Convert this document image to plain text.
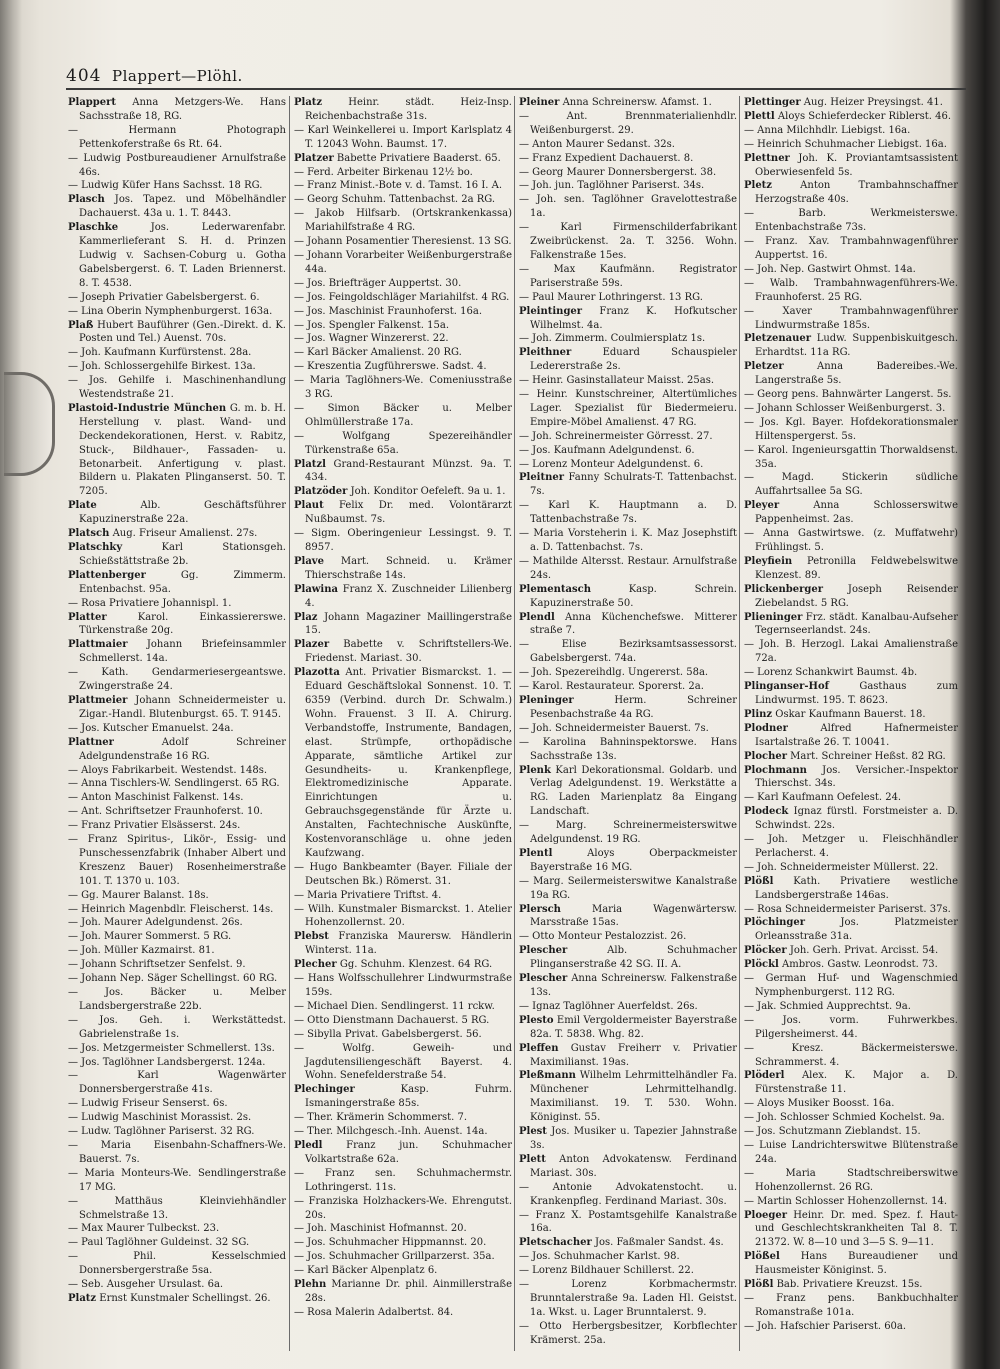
404 Plappert—Plöhl.

Plappert Anna Metzgers-We. Hans Sachsstraße 18, RG.

— Hermann Photograph Pettenkoferstraße 6s Rt. 64.

— Ludwig Postbureaudiener Arnulfstraße 46s.

— Ludwig Küfer Hans Sachsst. 18 RG.

Plasch Jos. Tapez. und Möbelhändler Dachauerst. 43a u. 1. T. 8443.

Plaschke Jos. Lederwarenfabr. Kammerlieferant S. H. d. Prinzen Ludwig v. Sachsen-Coburg u. Gotha Gabelsbergerst. 6. T. Laden Briennerst. 8. T. 4538.

— Joseph Privatier Gabelsbergerst. 6.

— Lina Oberin Nymphenburgerst. 163a.

Plaß Hubert Bauführer (Gen.-Direkt. d. K. Posten und Tel.) Auenst. 70s.

— Joh. Kaufmann Kurfürstenst. 28a.

— Joh. Schlossergehilfe Birkest. 13a.

— Jos. Gehilfe i. Maschinenhandlung Westendstraße 21.

Plastoid-Industrie München G. m. b. H. Herstellung v. plast. Wand- und Deckendekorationen, Herst. v. Rabitz, Stuck-, Bildhauer-, Fassaden- u. Betonarbeit. Anfertigung v. plast. Bildern u. Plakaten Plinganserst. 50. T. 7205.

Plate Alb. Geschäftsführer Kapuzinerstraße 22a.

Platsch Aug. Friseur Amalienst. 27s.

Platschky Karl Stationsgeh. Schießstättstraße 2b.

Plattenberger Gg. Zimmerm. Entenbachst. 95a.

— Rosa Privatiere Johannispl. 1.

Platter Karol. Einkassiererswe. Türkenstraße 20g.

Plattmaier Johann Briefeinsammler Schmellerst. 14a.

— Kath. Gendarmeriesergeantswe. Zwingerstraße 24.

Plattmeier Johann Schneidermeister u. Zigar.-Handl. Blutenburgst. 65. T. 9145.

— Jos. Kutscher Emanuelst. 24a.

Plattner Adolf Schreiner Adelgundenstraße 16 RG.

— Aloys Fabrikarbeit. Westendst. 148s.

— Anna Tischlers-W. Sendlingerst. 65 RG.

— Anton Maschinist Falkenst. 14s.

— Ant. Schriftsetzer Fraunhoferst. 10.

— Franz Privatier Elsässerst. 24s.

— Franz Spiritus-, Likör-, Essig- und Punschessenzfabrik (Inhaber Albert und Kreszenz Bauer) Rosenheimerstraße 101. T. 1370 u. 103.

— Gg. Maurer Balanst. 18s.

— Heinrich Magenbdlr. Fleischerst. 14s.

— Joh. Maurer Adelgundenst. 26s.

— Joh. Maurer Sommerst. 5 RG.

— Joh. Müller Kazmairst. 81.

— Johann Schriftsetzer Senfelst. 9.

— Johann Nep. Säger Schellingst. 60 RG.

— Jos. Bäcker u. Melber Landsbergerstraße 22b.

— Jos. Geh. i. Werkstättedst. Gabrielenstraße 1s.

— Jos. Metzgermeister Schmellerst. 13s.

— Jos. Taglöhner Landsbergerst. 124a.

— Karl Wagenwärter Donnersbergerstraße 41s.

— Ludwig Friseur Senserst. 6s.

— Ludwig Maschinist Morassist. 2s.

— Ludw. Taglöhner Pariserst. 32 RG.

— Maria Eisenbahn-Schaffners-We. Bauerst. 7s.

— Maria Monteurs-We. Sendlingerstraße 17 MG.

— Matthäus Kleinviehhändler Schmelstraße 13.

— Max Maurer Tulbeckst. 23.

— Paul Taglöhner Guldeinst. 32 SG.

— Phil. Kesselschmied Donnersbergerstraße 5sa.

— Seb. Ausgeher Ursulast. 6a.

Platz Ernst Kunstmaler Schellingst. 26.

Platz Heinr. städt. Heiz-Insp. Reichenbachstraße 31s.

— Karl Weinkellerei u. Import Karlsplatz 4 T. 12043 Wohn. Baumst. 17.

Platzer Babette Privatiere Baaderst. 65.

— Ferd. Arbeiter Birkenau 12½ bo.

— Franz Minist.-Bote v. d. Tamst. 16 I. A.

— Georg Schuhm. Tattenbachst. 2a RG.

— Jakob Hilfsarb. (Ortskrankenkassa) Mariahilfstraße 4 RG.

— Johann Posamentier Theresienst. 13 SG.

— Johann Vorarbeiter Weißenburgerstraße 44a.

— Jos. Briefträger Auppertst. 30.

— Jos. Feingoldschläger Mariahilfst. 4 RG.

— Jos. Maschinist Fraunhoferst. 16a.

— Jos. Spengler Falkenst. 15a.

— Jos. Wagner Winzererst. 22.

— Karl Bäcker Amalienst. 20 RG.

— Kreszentia Zugführerswe. Sadst. 4.

— Maria Taglöhners-We. Comeniusstraße 3 RG.

— Simon Bäcker u. Melber Ohlmüllerstraße 17a.

— Wolfgang Spezereihändler Türkenstraße 65a.

Platzl Grand-Restaurant Münzst. 9a. T. 434.

Platzöder Joh. Konditor Oefeleft. 9a u. 1.

Plaut Felix Dr. med. Volontärarzt Nußbaumst. 7s.

— Sigm. Oberingenieur Lessingst. 9. T. 8957.

Plave Mart. Schneid. u. Krämer Thierschstraße 14s.

Plawina Franz X. Zuschneider Lilienberg 4.

Plaz Johann Magaziner Maillingerstraße 15.

Plazer Babette v. Schriftstellers-We. Friedenst. Mariast. 30.

Plazotta Ant. Privatier Bismarckst. 1. — Eduard Geschäftslokal Sonnenst. 10. T. 6359 (Verbind. durch Dr. Schwalm.) Wohn. Frauenst. 3 II. A. Chirurg. Verbandstoffe, Instrumente, Bandagen, elast. Strümpfe, orthopädische Apparate, sämtliche Artikel zur Gesundheits- u. Krankenpflege, Elektromedizinische Apparate. Einrichtungen u. Gebrauchsgegenstände für Ärzte u. Anstalten, Fachtechnische Auskünfte, Kostenvoranschläge u. ohne jeden Kaufzwang.

— Hugo Bankbeamter (Bayer. Filiale der Deutschen Bk.) Römerst. 31.

— Maria Privatiere Triftst. 4.

— Wilh. Kunstmaler Bismarckst. 1. Atelier Hohenzollernst. 20.

Plebst Franziska Maurersw. Händlerin Winterst. 11a.

Plecher Gg. Schuhm. Klenzest. 64 RG.

— Hans Wolfsschullehrer Lindwurmstraße 159s.

— Michael Dien. Sendlingerst. 11 rckw.

— Otto Dienstmann Dachauerst. 5 RG.

— Sibylla Privat. Gabelsbergerst. 56.

— Wolfg. Geweih- und Jagdutensiliengeschäft Bayerst. 4. Wohn. Senefelderstraße 54.

Plechinger Kasp. Fuhrm. Ismaningerstraße 85s.

— Ther. Krämerin Schommerst. 7.

— Ther. Milchgesch.-Inh. Auenst. 14a.

Pledl Franz jun. Schuhmacher Volkartstraße 62a.

— Franz sen. Schuhmachermstr. Lothringerst. 11s.

— Franziska Holzhackers-We. Ehrengutst. 20s.

— Joh. Maschinist Hofmannst. 20.

— Jos. Schuhmacher Hippmannst. 20.

— Jos. Schuhmacher Grillparzerst. 35a.

— Karl Bäcker Alpenplatz 6.

Plehn Marianne Dr. phil. Ainmillerstraße 28s.

— Rosa Malerin Adalbertst. 84.

Pleiner Anna Schreinersw. Afamst. 1.

— Ant. Brennmaterialienhdlr. Weißenburgerst. 29.

— Anton Maurer Sedanst. 32s.

— Franz Expedient Dachauerst. 8.

— Georg Maurer Donnersbergerst. 38.

— Joh. jun. Taglöhner Pariserst. 34s.

— Joh. sen. Taglöhner Gravelottestraße 1a.

— Karl Firmenschilderfabrikant Zweibrückenst. 2a. T. 3256. Wohn. Falkenstraße 15es.

— Max Kaufmänn. Registrator Pariserstraße 59s.

— Paul Maurer Lothringerst. 13 RG.

Pleintinger Franz K. Hofkutscher Wilhelmst. 4a.

— Joh. Zimmerm. Coulmiersplatz 1s.

Pleithner Eduard Schauspieler Ledererstraße 2s.

— Heinr. Gasinstallateur Maisst. 25as.

— Heinr. Kunstschreiner, Altertümliches Lager. Spezialist für Biedermeieru. Empire-Möbel Amalienst. 47 RG.

— Joh. Schreinermeister Görresst. 27.

— Jos. Kaufmann Adelgundenst. 6.

— Lorenz Monteur Adelgundenst. 6.

Pleitner Fanny Schulrats-T. Tattenbachst. 7s.

— Karl K. Hauptmann a. D. Tattenbachstraße 7s.

— Maria Vorsteherin i. K. Maz Josephstift a. D. Tattenbachst. 7s.

— Mathilde Altersst. Restaur. Arnulfstraße 24s.

Plementasch Kasp. Schrein. Kapuzinerstraße 50.

Plendl Anna Küchenchefswe. Mitterer straße 7.

— Elise Bezirksamtsassessorst. Gabelsbergerst. 74a.

— Joh. Spezereihdlg. Ungererst. 58a.

— Karol. Restaurateur. Sporerst. 2a.

Pleninger Herm. Schreiner Pesenbachstraße 4a RG.

— Joh. Schneidermeister Bauerst. 7s.

— Karolina Bahninspektorswe. Hans Sachsstraße 13s.

Plenk Karl Dekorationsmal. Goldarb. und Verlag Adelgundenst. 19. Werkstätte a RG. Laden Marienplatz 8a Eingang Landschaft.

— Marg. Schreinermeisterswitwe Adelgundenst. 19 RG.

Plentl Aloys Oberpackmeister Bayerstraße 16 MG.

— Marg. Seilermeisterswitwe Kanalstraße 19a RG.

Plersch Maria Wagenwärtersw. Marsstraße 15as.

— Otto Monteur Pestalozzist. 26.

Plescher Alb. Schuhmacher Plinganserstraße 42 SG. II. A.

Plescher Anna Schreinersw. Falkenstraße 13s.

— Ignaz Taglöhner Auerfeldst. 26s.

Plesto Emil Vergoldermeister Bayerstraße 82a. T. 5838. Whg. 82.

Pleffen Gustav Freiherr v. Privatier Maximilianst. 19as.

Pleßmann Wilhelm Lehrmittelhändler Fa. Münchener Lehrmittelhandlg. Maximilianst. 19. T. 530. Wohn. Königinst. 55.

Plest Jos. Musiker u. Tapezier Jahnstraße 3s.

Plett Anton Advokatensw. Ferdinand Mariast. 30s.

— Antonie Advokatenstocht. u. Krankenpfleg. Ferdinand Mariast. 30s.

— Franz X. Postamtsgehilfe Kanalstraße 16a.

Pletschacher Jos. Faßmaler Sandst. 4s.

— Jos. Schuhmacher Karlst. 98.

— Lorenz Bildhauer Schillerst. 22.

— Lorenz Korbmachermstr. Brunntalerstraße 9a. Laden Hl. Geistst. 1a. Wkst. u. Lager Brunntalerst. 9.

— Otto Herbergsbesitzer, Korbflechter Krämerst. 25a.

Plettinger Aug. Heizer Preysingst. 41.

Plettl Aloys Schieferdecker Riblerst. 46.

— Anna Milchhdlr. Liebigst. 16a.

— Heinrich Schuhmacher Liebigst. 16a.

Plettner Joh. K. Proviantamtsassistent Oberwiesenfeld 5s.

Pletz Anton Trambahnschaffner Herzogstraße 40s.

— Barb. Werkmeisterswe. Entenbachstraße 73s.

— Franz. Xav. Trambahnwagenführer Auppertst. 16.

— Joh. Nep. Gastwirt Ohmst. 14a.

— Walb. Trambahnwagenführers-We. Fraunhoferst. 25 RG.

— Xaver Trambahnwagenführer Lindwurmstraße 185s.

Pletzenauer Ludw. Suppenbiskuitgesch. Erhardtst. 11a RG.

Pletzer Anna Badereibes.-We. Langerstraße 5s.

— Georg pens. Bahnwärter Langerst. 5s.

— Johann Schlosser Weißenburgerst. 3.

— Jos. Kgl. Bayer. Hofdekorationsmaler Hiltenspergerst. 5s.

— Karol. Ingenieursgattin Thorwaldsenst. 35a.

— Magd. Stickerin südliche Auffahrtsallee 5a SG.

Pleyer Anna Schlosserswitwe Pappenheimst. 2as.

— Anna Gastwirtswe. (z. Muffatwehr) Frühlingst. 5.

Pleyfiein Petronilla Feldwebelswitwe Klenzest. 89.

Plickenberger Joseph Reisender Ziebelandst. 5 RG.

Plieninger Frz. städt. Kanalbau-Aufseher Tegernseerlandst. 24s.

— Joh. B. Herzogl. Lakai Amalienstraße 72a.

— Lorenz Schankwirt Baumst. 4b.

Plinganser-Hof Gasthaus zum Lindwurmst. 195. T. 8623.

Plinz Oskar Kaufmann Bauerst. 18.

Plodner Alfred Hafnermeister Isartalstraße 26. T. 10041.

Plocher Mart. Schreiner Heßst. 82 RG.

Plochmann Jos. Versicher.-Inspektor Thierschst. 34s.

— Karl Kaufmann Oefelest. 24.

Plodeck Ignaz fürstl. Forstmeister a. D. Schwindst. 22s.

— Joh. Metzger u. Fleischhändler Perlacherst. 4.

— Joh. Schneidermeister Müllerst. 22.

Plößl Kath. Privatiere westliche Landsbergerstraße 146as.

— Rosa Schneidermeister Pariserst. 37s.

Plöchinger Jos. Platzmeister Orleansstraße 31a.

Plöcker Joh. Gerh. Privat. Arcisst. 54.

Plöckl Ambros. Gastw. Leonrodst. 73.

— German Huf- und Wagenschmied Nymphenburgerst. 112 RG.

— Jak. Schmied Aupprechtst. 9a.

— Jos. vorm. Fuhrwerkbes. Pilgersheimerst. 44.

— Kresz. Bäckermeisterswe. Schrammerst. 4.

Plöderl Alex. K. Major a. D. Fürstenstraße 11.

— Aloys Musiker Boosst. 16a.

— Joh. Schlosser Schmied Kochelst. 9a.

— Jos. Schutzmann Zieblandst. 15.

— Luise Landrichterswitwe Blütenstraße 24a.

— Maria Stadtschreiberswitwe Hohenzollernst. 26 RG.

— Martin Schlosser Hohenzollernst. 14.

Ploeger Heinr. Dr. med. Spez. f. Haut- und Geschlechtskrankheiten Tal 8. T. 21372. W. 8—10 und 3—5 S. 9—11.

Plößel Hans Bureaudiener und Hausmeister Königinst. 5.

Plößl Bab. Privatiere Kreuzst. 15s.

— Franz pens. Bankbuchhalter Romanstraße 101a.

— Joh. Hafschier Pariserst. 60a.
